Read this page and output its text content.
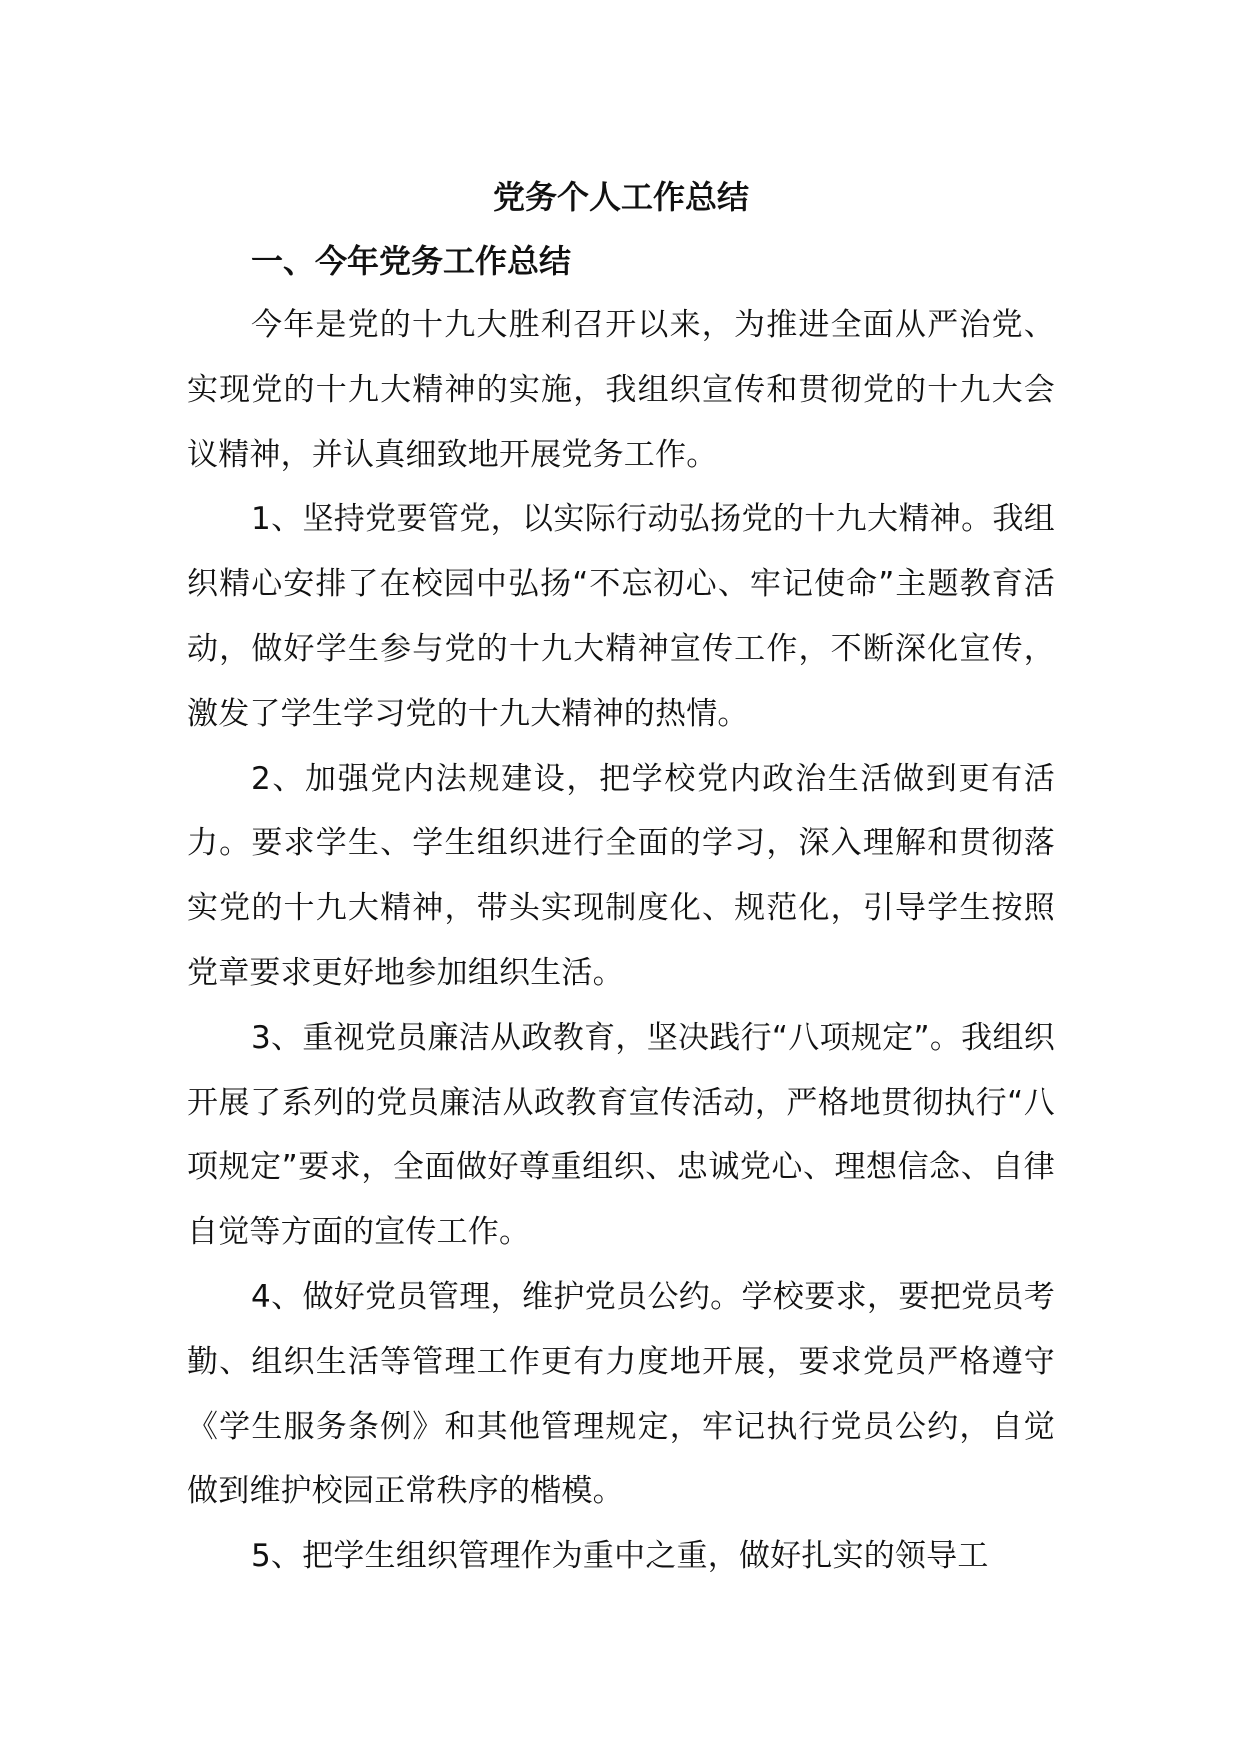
党务个人工作总结
一、今年党务工作总结

今年是党的十九大胜利召开以来，为推进全面从严治党、实现党的十九大精神的实施，我组织宣传和贯彻党的十九大会议精神，并认真细致地开展党务工作。

1、坚持党要管党，以实际行动弘扬党的十九大精神。我组织精心安排了在校园中弘扬“不忘初心、牢记使命”主题教育活动，做好学生参与党的十九大精神宣传工作，不断深化宣传，激发了学生学习党的十九大精神的热情。

2、加强党内法规建设，把学校党内政治生活做到更有活力。要求学生、学生组织进行全面的学习，深入理解和贯彻落实党的十九大精神，带头实现制度化、规范化，引导学生按照党章要求更好地参加组织生活。

3、重视党员廉洁从政教育，坚决践行“八项规定”。我组织开展了系列的党员廉洁从政教育宣传活动，严格地贯彻执行“八项规定”要求，全面做好尊重组织、忠诚党心、理想信念、自律自觉等方面的宣传工作。

4、做好党员管理，维护党员公约。学校要求，要把党员考勤、组织生活等管理工作更有力度地开展，要求党员严格遵守《学生服务条例》和其他管理规定，牢记执行党员公约，自觉做到维护校园正常秩序的楷模。

5、把学生组织管理作为重中之重，做好扎实的领导工
